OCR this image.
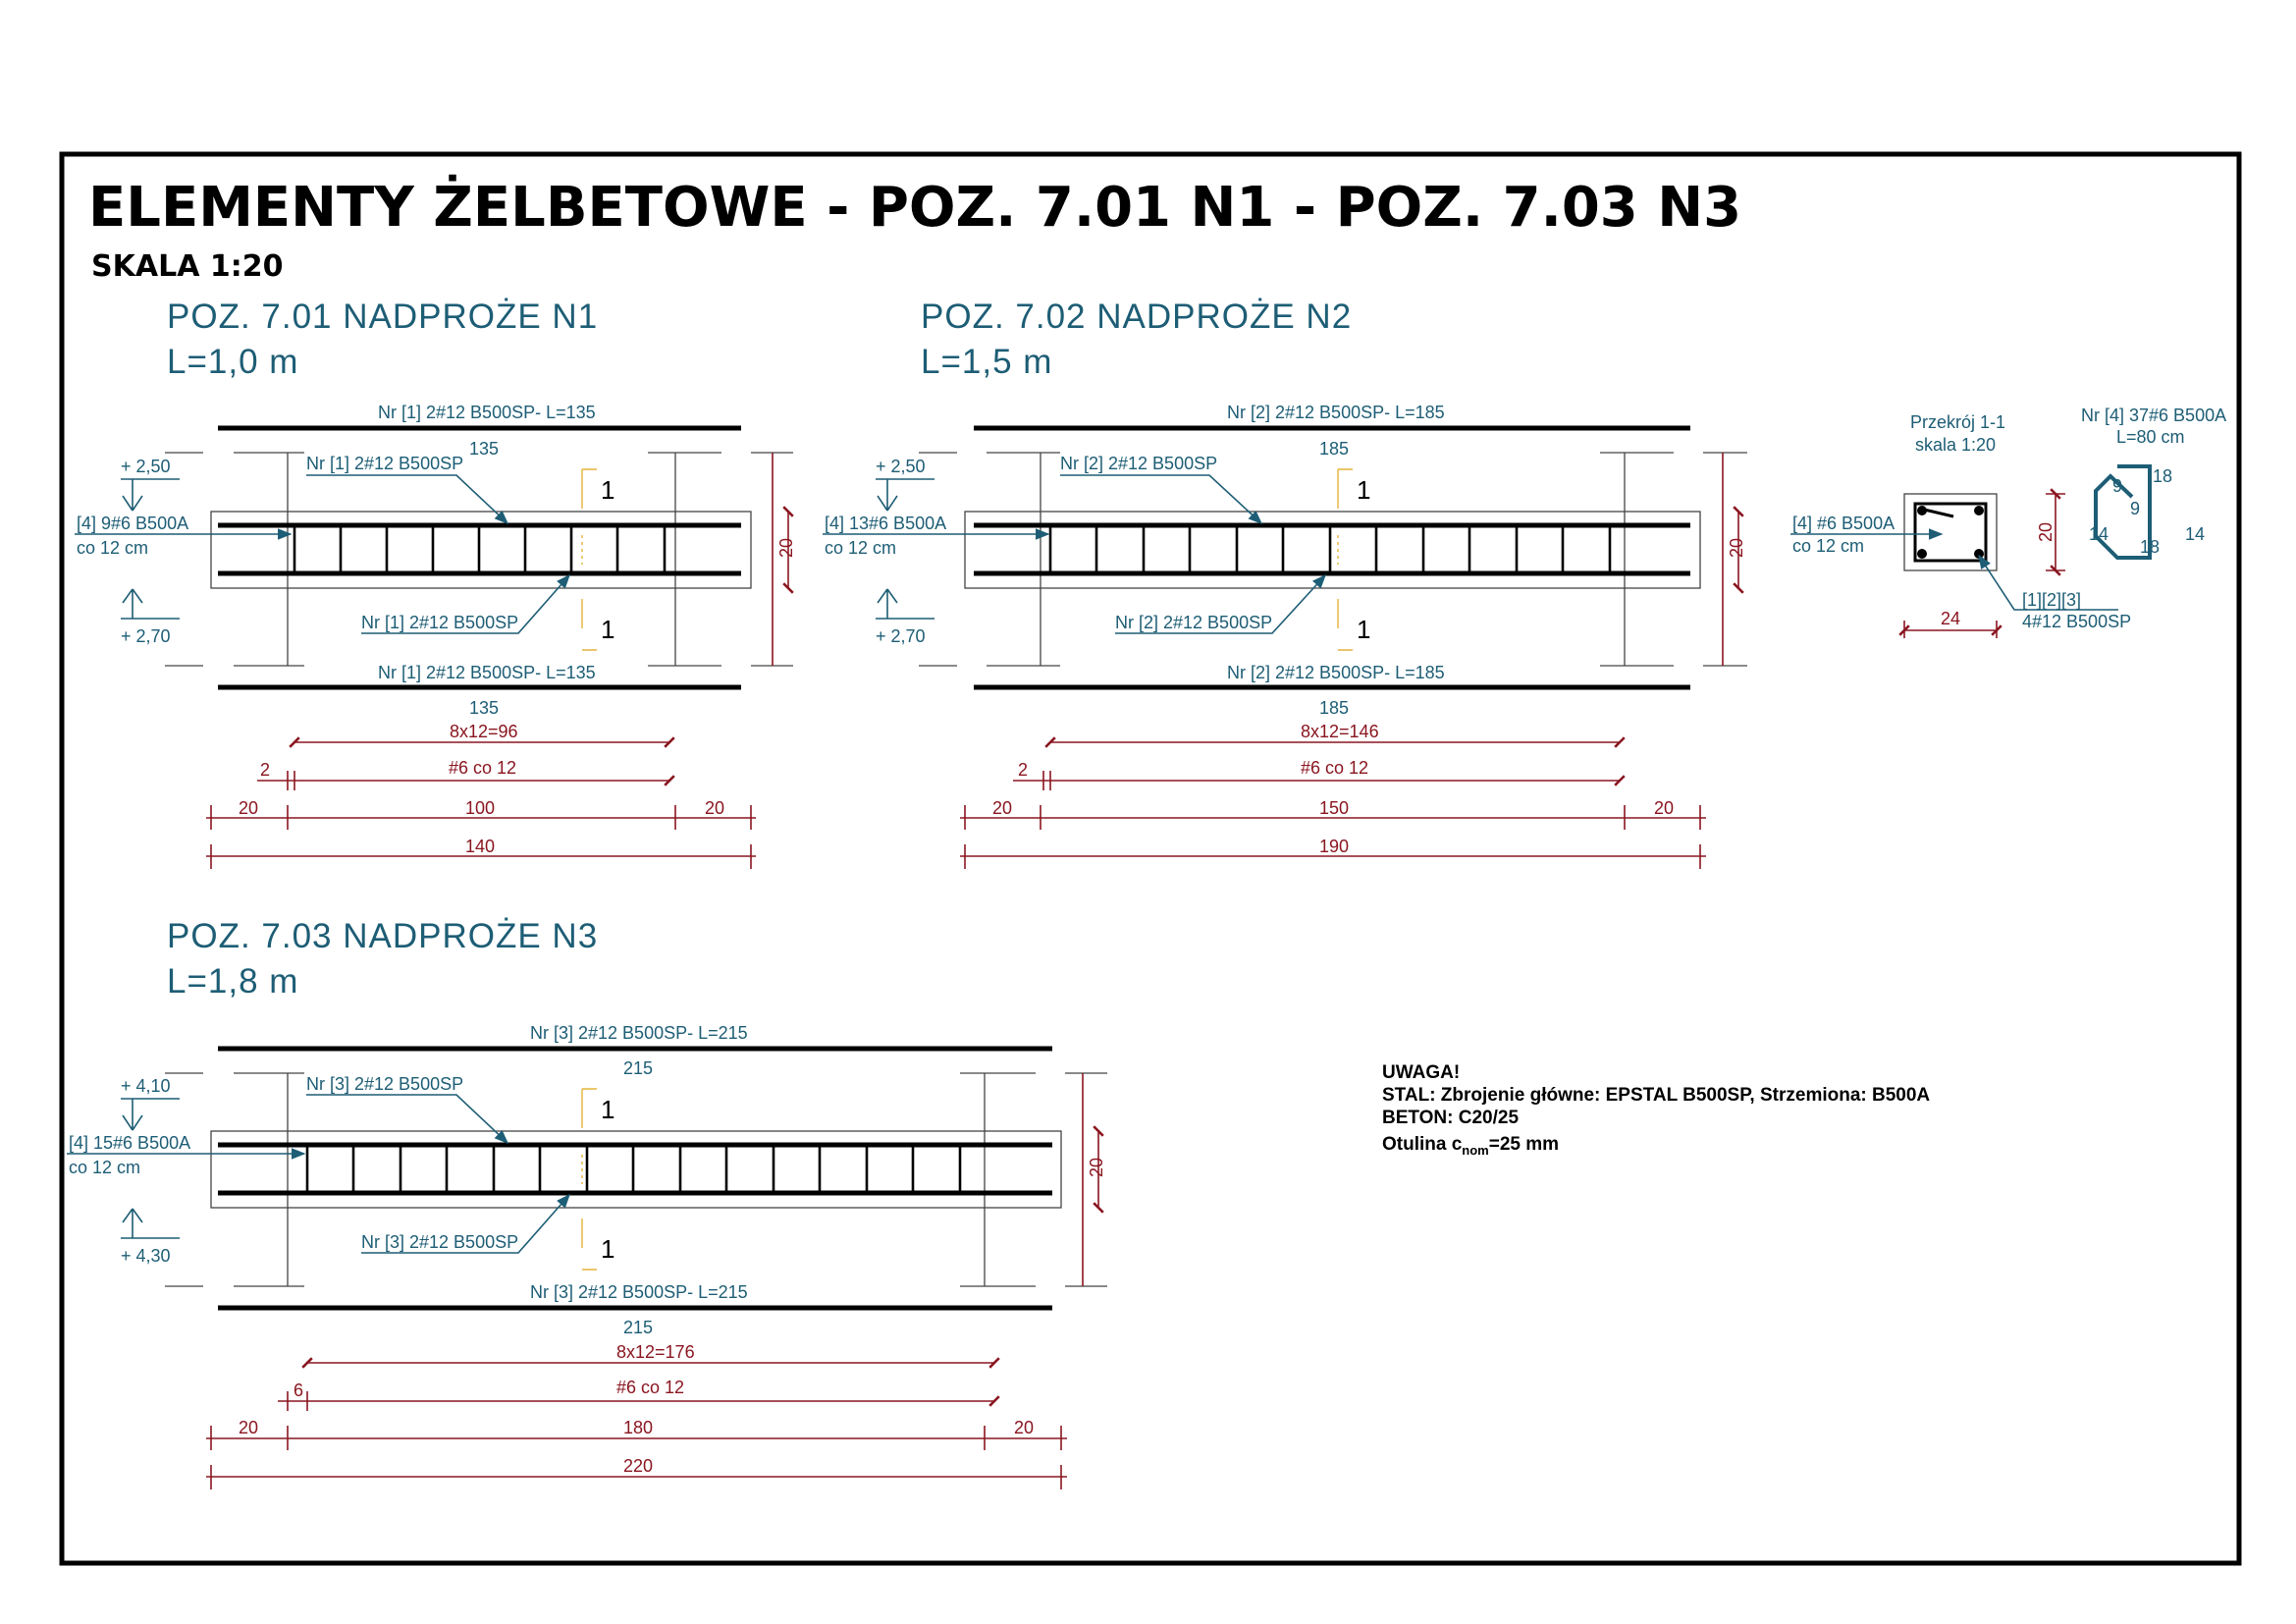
ELEMENTY ŻELBETOWE - POZ. 7.01 N1 - POZ. 7.03 N3
SKALA 1:20
POZ. 7.01 NADPROŻE N1
L=1,0 m
Nr [1] 2#12 B500SP- L=135
135
Nr [1] 2#12 B500SP
Nr [1] 2#12 B500SP
[4] 9#6 B500A
co 12 cm
+ 2,50
+ 2,70
20
1
1
Nr [1] 2#12 B500SP- L=135
135
8x12=96
2	#6 co 12
20	100	20
140
POZ. 7.02 NADPROŻE N2
L=1,5 m
Nr [2] 2#12 B500SP- L=185
185
Nr [2] 2#12 B500SP
Nr [2] 2#12 B500SP
[4] 13#6 B500A
co 12 cm
+ 2,50
+ 2,70
20
1
1
Nr [2] 2#12 B500SP- L=185
185
8x12=146
2	#6 co 12
20	150	20
190
Przekrój 1-1
skala 1:20
[4] #6 B500A
co 12 cm
20
24
[1][2][3]
4#12 B500SP
Nr [4] 37#6 B500A
L=80 cm
9
9
18
18
14	14
POZ. 7.03 NADPROŻE N3
L=1,8 m
Nr [3] 2#12 B500SP- L=215
215
Nr [3] 2#12 B500SP
Nr [3] 2#12 B500SP
[4] 15#6 B500A
co 12 cm
+ 4,10
+ 4,30
20
1
1
Nr [3] 2#12 B500SP- L=215
215
8x12=176
6	#6 co 12
20	180	20
220
UWAGA!
STAL: Zbrojenie główne: EPSTAL B500SP, Strzemiona: B500A
BETON: C20/25
Otulina $c_{nom}=25$ mm
